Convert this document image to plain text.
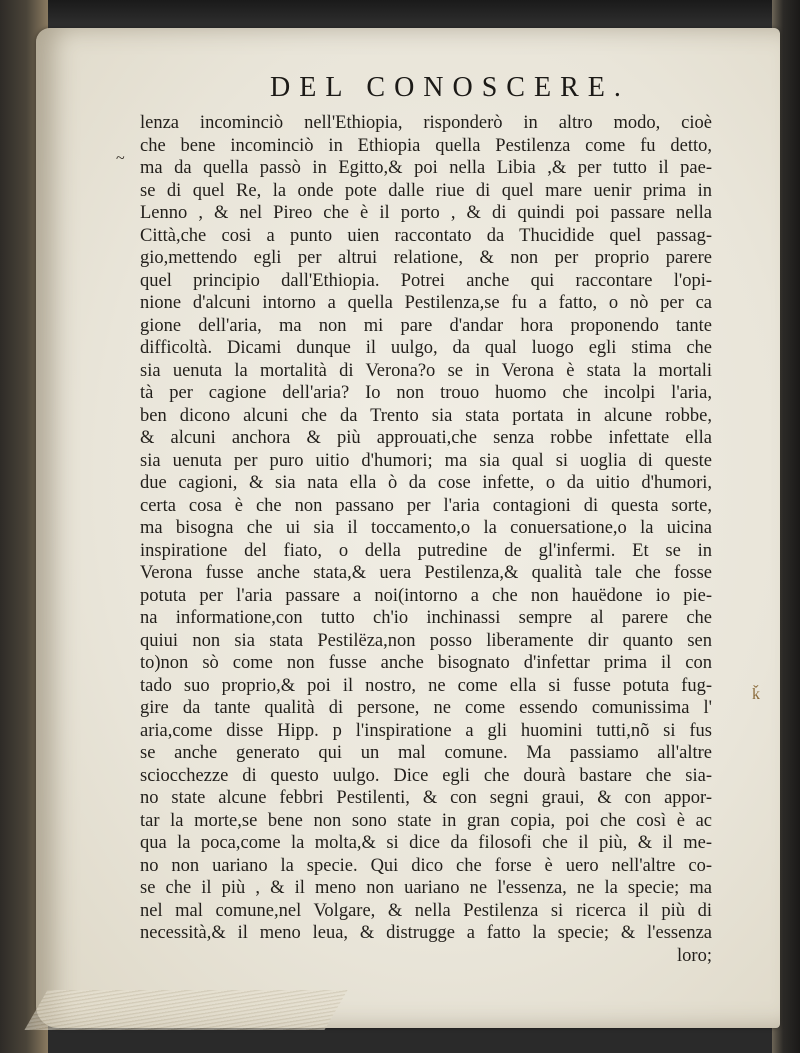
DEL CONOSCERE.
~
ǩ
lenza incominciò nell'Ethiopia, risponderò in altro modo, cioè
che bene incominciò in Ethiopia quella Pestilenza come fu detto,
ma da quella passò in Egitto,& poi nella Libia ,& per tutto il pae-
se di quel Re, la onde pote dalle riue di quel mare uenir prima in
Lenno , & nel Pireo che è il porto , & di quindi poi passare nella
Città,che cosi a punto uien raccontato da Thucidide quel passag-
gio,mettendo egli per altrui relatione, & non per proprio parere
quel principio dall'Ethiopia. Potrei anche qui raccontare l'opi-
nione d'alcuni intorno a quella Pestilenza,se fu a fatto, o nò per ca
gione dell'aria, ma non mi pare d'andar hora proponendo tante
difficoltà. Dicami dunque il uulgo, da qual luogo egli stima che
sia uenuta la mortalità di Verona?o se in Verona è stata la mortali
tà per cagione dell'aria? Io non trouo huomo che incolpi l'aria,
ben dicono alcuni che da Trento sia stata portata in alcune robbe,
& alcuni anchora & più approuati,che senza robbe infettate ella
sia uenuta per puro uitio d'humori; ma sia qual si uoglia di queste
due cagioni, & sia nata ella ò da cose infette, o da uitio d'humori,
certa cosa è che non passano per l'aria contagioni di questa sorte,
ma bisogna che ui sia il toccamento,o la conuersatione,o la uicina
inspiratione del fiato, o della putredine de gl'infermi. Et se in
Verona fusse anche stata,& uera Pestilenza,& qualità tale che fosse
potuta per l'aria passare a noi(intorno a che non hauëdone io pie-
na informatione,con tutto ch'io inchinassi sempre al parere che
quiui non sia stata Pestilëza,non posso liberamente dir quanto sen
to)non sò come non fusse anche bisognato d'infettar prima il con
tado suo proprio,& poi il nostro, ne come ella si fusse potuta fug-
gire da tante qualità di persone, ne come essendo comunissima l'
aria,come disse Hipp. p l'inspiratione a gli huomini tutti,nõ si fus
se anche generato qui un mal comune. Ma passiamo all'altre
sciocchezze di questo uulgo. Dice egli che dourà bastare che sia-
no state alcune febbri Pestilenti, & con segni graui, & con appor-
tar la morte,se bene non sono state in gran copia, poi che così è ac
qua la poca,come la molta,& si dice da filosofi che il più, & il me-
no non uariano la specie. Qui dico che forse è uero nell'altre co-
se che il più , & il meno non uariano ne l'essenza, ne la specie; ma
nel mal comune,nel Volgare, & nella Pestilenza si ricerca il più di
necessità,& il meno leua, & distrugge a fatto la specie; & l'essenza
loro;
